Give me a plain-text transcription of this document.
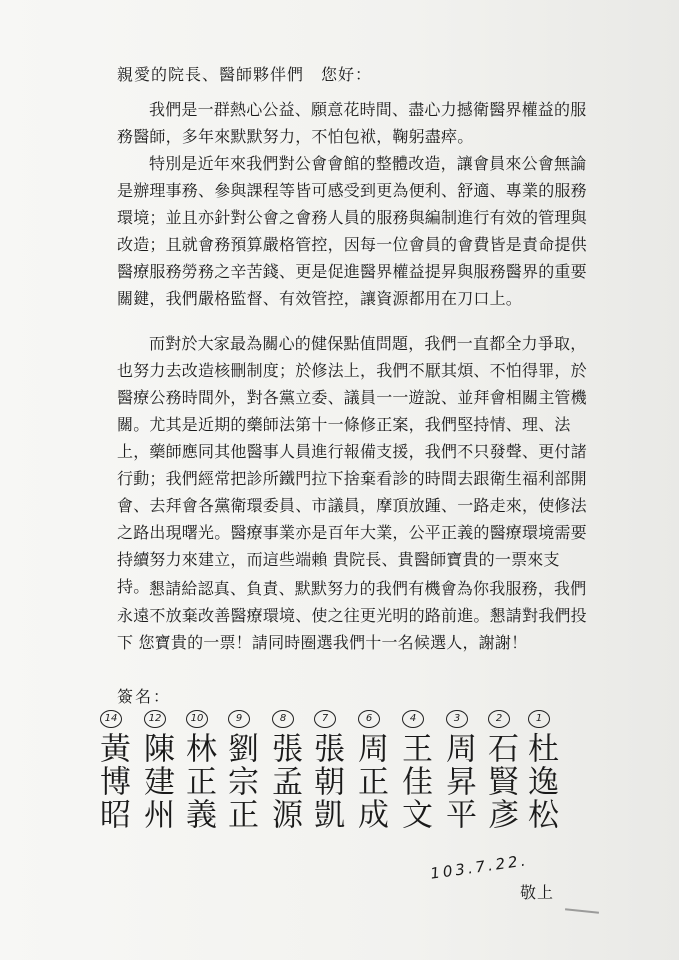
親愛的院長、醫師夥伴們　您好：

我們是一群熱心公益、願意花時間、盡心力撼衛醫界權益的服務醫師，多年來默默努力，不怕包袱，鞠躬盡瘁。

特別是近年來我們對公會會館的整體改造，讓會員來公會無論是辦理事務、參與課程等皆可感受到更為便利、舒適、專業的服務環境；並且亦針對公會之會務人員的服務與編制進行有效的管理與改造；且就會務預算嚴格管控，因每一位會員的會費皆是責命提供醫療服務勞務之辛苦錢、更是促進醫界權益提昇與服務醫界的重要關鍵，我們嚴格監督、有效管控，讓資源都用在刀口上。

而對於大家最為關心的健保點值問題，我們一直都全力爭取，也努力去改造核刪制度；於修法上，我們不厭其煩、不怕得罪，於醫療公務時間外，對各黨立委、議員一一遊說、並拜會相關主管機關。尤其是近期的藥師法第十一條修正案，我們堅持情、理、法上，藥師應同其他醫事人員進行報備支援，我們不只發聲、更付諸行動；我們經常把診所鐵門拉下捨棄看診的時間去跟衛生福利部開會、去拜會各黨衛環委員、市議員，摩頂放踵、一路走來，使修法之路出現曙光。醫療事業亦是百年大業，公平正義的醫療環境需要持續努力來建立，而這些端賴 貴院長、貴醫師寶貴的一票來支持。 懇請給認真、負責、默默努力的我們有機會為你我服務，我們永遠不放棄改善醫療環境、使之往更光明的路前進。懇請對我們投下 您寶貴的一票！請同時圈選我們十一名候選人，謝謝！

簽名：
14
黃博昭
12
陳建州
10
林正義
9
劉宗正
8
張孟源
7
張朝凱
6
周正成
4
王佳文
3
周昇平
2
石賢彥
1
杜逸松
103.7.22.
敬上
